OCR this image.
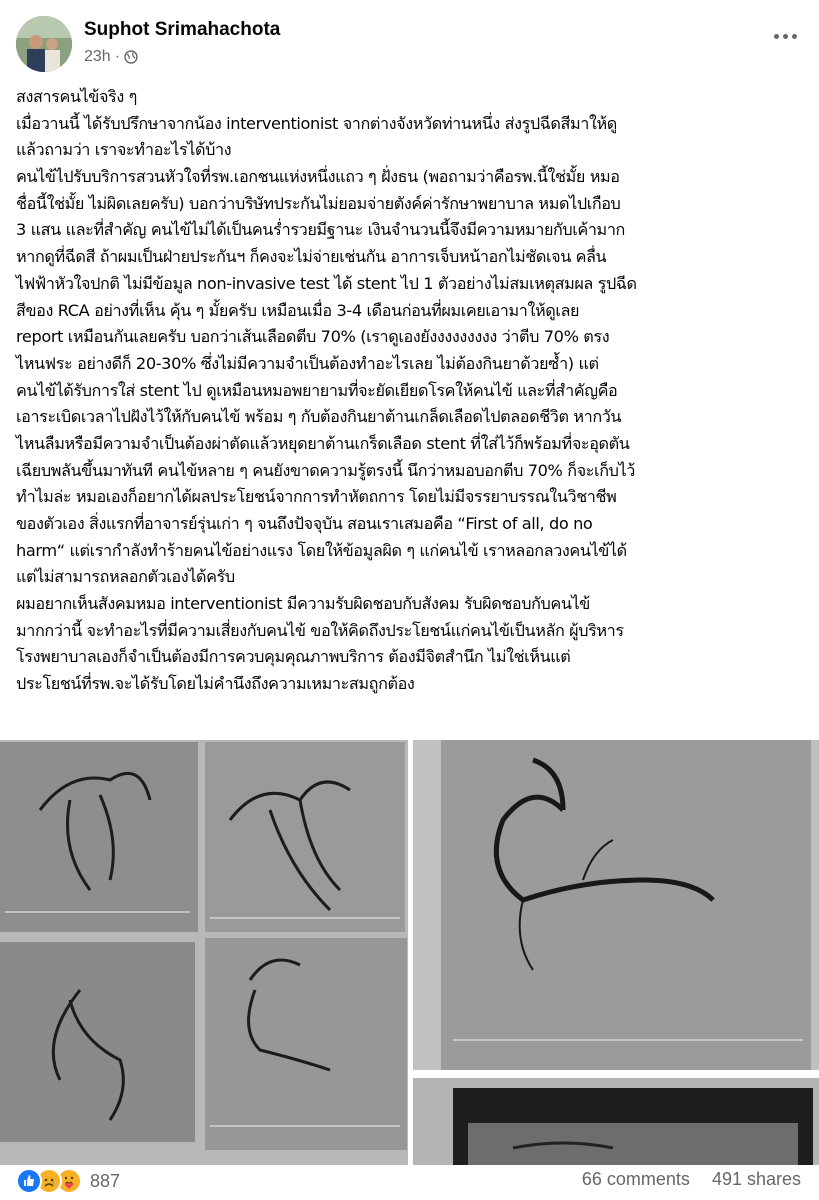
Suphot Srimahachota
23h ·
สงสารคนไข้จริง ๆ
เมื่อวานนี้ ได้รับปรึกษาจากน้อง interventionist จากต่างจังหวัดท่านหนึ่ง ส่งรูปฉีดสีมาให้ดู
แล้วถามว่า เราจะทำอะไรได้บ้าง
คนไข้ไปรับบริการสวนหัวใจที่รพ.เอกชนแห่งหนึ่งแถว ๆ ฝั่งธน (พอถามว่าคือรพ.นี้ใช่มั้ย หมอ
ชื่อนี้ใช่มั้ย ไม่ผิดเลยครับ) บอกว่าบริษัทประกันไม่ยอมจ่ายตังค์ค่ารักษาพยาบาล หมดไปเกือบ
3 แสน และที่สำคัญ คนไข้ไม่ได้เป็นคนร่ำรวยมีฐานะ เงินจำนวนนี้จึงมีความหมายกับเค้ามาก
หากดูที่ฉีดสี ถ้าผมเป็นฝ่ายประกันฯ ก็คงจะไม่จ่ายเช่นกัน อาการเจ็บหน้าอกไม่ชัดเจน คลื่น
ไฟฟ้าหัวใจปกติ ไม่มีข้อมูล non-invasive test ได้ stent ไป 1 ตัวอย่างไม่สมเหตุสมผล รูปฉีด
สีของ RCA อย่างที่เห็น คุ้น ๆ มั้ยครับ เหมือนเมื่อ 3-4 เดือนก่อนที่ผมเคยเอามาให้ดูเลย
report เหมือนกันเลยครับ บอกว่าเส้นเลือดตีบ 70% (เราดูเองยังงงงงงงงง ว่าตีบ 70% ตรง
ไหนฟระ อย่างดีก็ 20-30% ซึ่งไม่มีความจำเป็นต้องทำอะไรเลย ไม่ต้องกินยาด้วยซ้ำ) แต่
คนไข้ได้รับการใส่ stent ไป ดูเหมือนหมอพยายามที่จะยัดเยียดโรคให้คนไข้ และที่สำคัญคือ
เอาระเบิดเวลาไปฝังไว้ให้กับคนไข้ พร้อม ๆ กับต้องกินยาต้านเกล็ดเลือดไปตลอดชีวิต หากวัน
ไหนลืมหรือมีความจำเป็นต้องผ่าตัดแล้วหยุดยาต้านเกร็ดเลือด stent ที่ใส่ไว้ก็พร้อมที่จะอุดตัน
เฉียบพลันขึ้นมาทันที คนไข้หลาย ๆ คนยังขาดความรู้ตรงนี้ นึกว่าหมอบอกตีบ 70% ก็จะเก็บไว้
ทำไมล่ะ หมอเองก็อยากได้ผลประโยชน์จากการทำหัตถการ โดยไม่มีจรรยาบรรณในวิชาชีพ
ของตัวเอง สิ่งแรกที่อาจารย์รุ่นเก่า ๆ จนถึงปัจจุบัน สอนเราเสมอคือ “First of all, do no
harm“ แต่เรากำลังทำร้ายคนไข้อย่างแรง โดยให้ข้อมูลผิด ๆ แก่คนไข้ เราหลอกลวงคนไข้ได้
แต่ไม่สามารถหลอกตัวเองได้ครับ
ผมอยากเห็นสังคมหมอ interventionist มีความรับผิดชอบกับสังคม รับผิดชอบกับคนไข้
มากกว่านี้ จะทำอะไรที่มีความเสี่ยงกับคนไข้ ขอให้คิดถึงประโยชน์แก่คนไข้เป็นหลัก ผู้บริหาร
โรงพยาบาลเองก็จำเป็นต้องมีการควบคุมคุณภาพบริการ ต้องมีจิตสำนึก ไม่ใช่เห็นแต่
ประโยชน์ที่รพ.จะได้รับโดยไม่คำนึงถึงความเหมาะสมถูกต้อง
887	66 comments 491 shares
